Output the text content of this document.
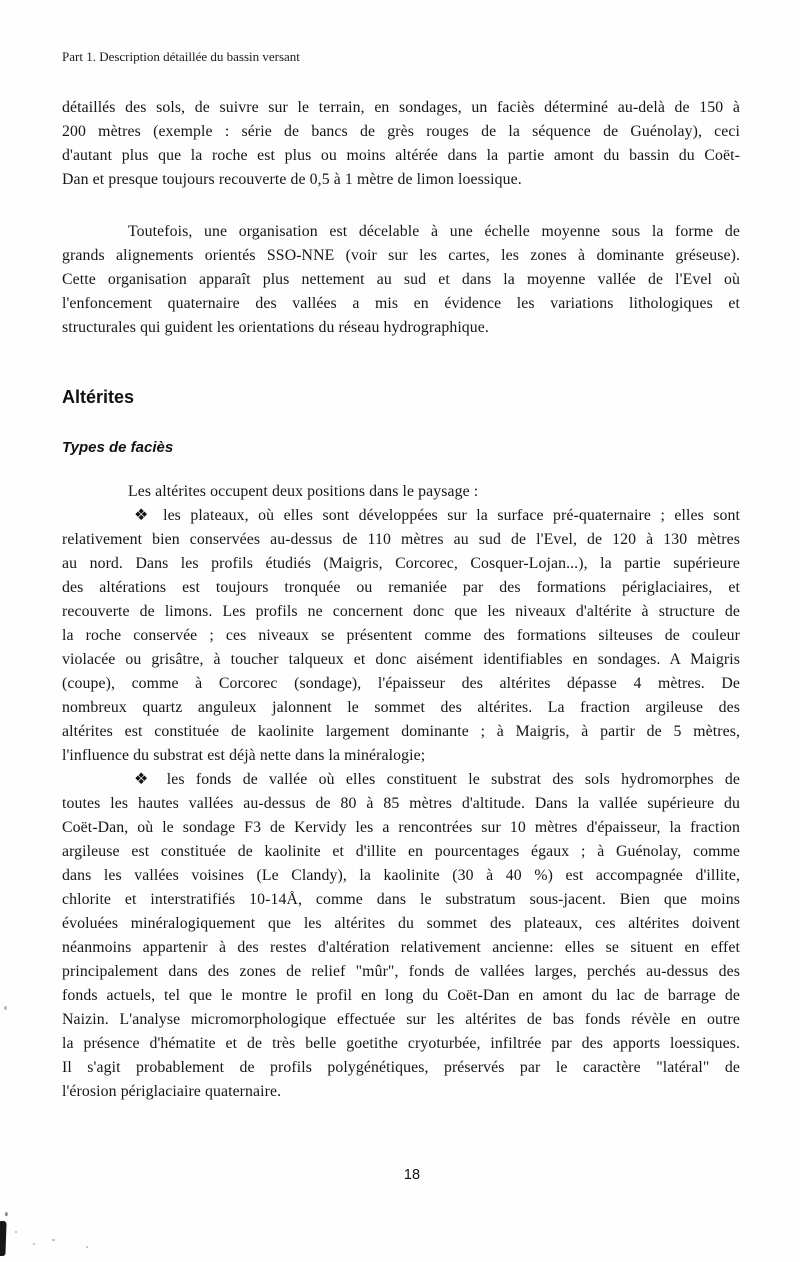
Part 1. Description détaillée du bassin versant
détaillés des sols, de suivre sur le terrain, en sondages, un faciès déterminé au-delà de 150 à
200 mètres (exemple : série de bancs de grès rouges de la séquence de Guénolay), ceci
d'autant plus que la roche est plus ou moins altérée dans la partie amont du bassin du Coët-
Dan et presque toujours recouverte de 0,5 à 1 mètre de limon loessique.
Toutefois, une organisation est décelable à une échelle moyenne sous la forme de
grands alignements orientés SSO-NNE (voir sur les cartes, les zones à dominante gréseuse).
Cette organisation apparaît plus nettement au sud et dans la moyenne vallée de l'Evel où
l'enfoncement quaternaire des vallées a mis en évidence les variations lithologiques et
structurales qui guident les orientations du réseau hydrographique.
Altérites
Types de faciès
Les altérites occupent deux positions dans le paysage :
❖ les plateaux, où elles sont développées sur la surface pré-quaternaire ; elles sont
relativement bien conservées au-dessus de 110 mètres au sud de l'Evel, de 120 à 130 mètres
au nord. Dans les profils étudiés (Maigris, Corcorec, Cosquer-Lojan...), la partie supérieure
des altérations est toujours tronquée ou remaniée par des formations périglaciaires, et
recouverte de limons. Les profils ne concernent donc que les niveaux d'altérite à structure de
la roche conservée ; ces niveaux se présentent comme des formations silteuses de couleur
violacée ou grisâtre, à toucher talqueux et donc aisément identifiables en sondages. A Maigris
(coupe), comme à Corcorec (sondage), l'épaisseur des altérites dépasse 4 mètres. De
nombreux quartz anguleux jalonnent le sommet des altérites. La fraction argileuse des
altérites est constituée de kaolinite largement dominante ; à Maigris, à partir de 5 mètres,
l'influence du substrat est déjà nette dans la minéralogie;
❖ les fonds de vallée où elles constituent le substrat des sols hydromorphes de
toutes les hautes vallées au-dessus de 80 à 85 mètres d'altitude. Dans la vallée supérieure du
Coët-Dan, où le sondage F3 de Kervidy les a rencontrées sur 10 mètres d'épaisseur, la fraction
argileuse est constituée de kaolinite et d'illite en pourcentages égaux ; à Guénolay, comme
dans les vallées voisines (Le Clandy), la kaolinite (30 à 40 %) est accompagnée d'illite,
chlorite et interstratifiés 10-14Å, comme dans le substratum sous-jacent. Bien que moins
évoluées minéralogiquement que les altérites du sommet des plateaux, ces altérites doivent
néanmoins appartenir à des restes d'altération relativement ancienne: elles se situent en effet
principalement dans des zones de relief "mûr", fonds de vallées larges, perchés au-dessus des
fonds actuels, tel que le montre le profil en long du Coët-Dan en amont du lac de barrage de
Naizin. L'analyse micromorphologique effectuée sur les altérites de bas fonds révèle en outre
la présence d'hématite et de très belle goetithe cryoturbée, infiltrée par des apports loessiques.
Il s'agit probablement de profils polygénétiques, préservés par le caractère "latéral" de
l'érosion périglaciaire quaternaire.
18
